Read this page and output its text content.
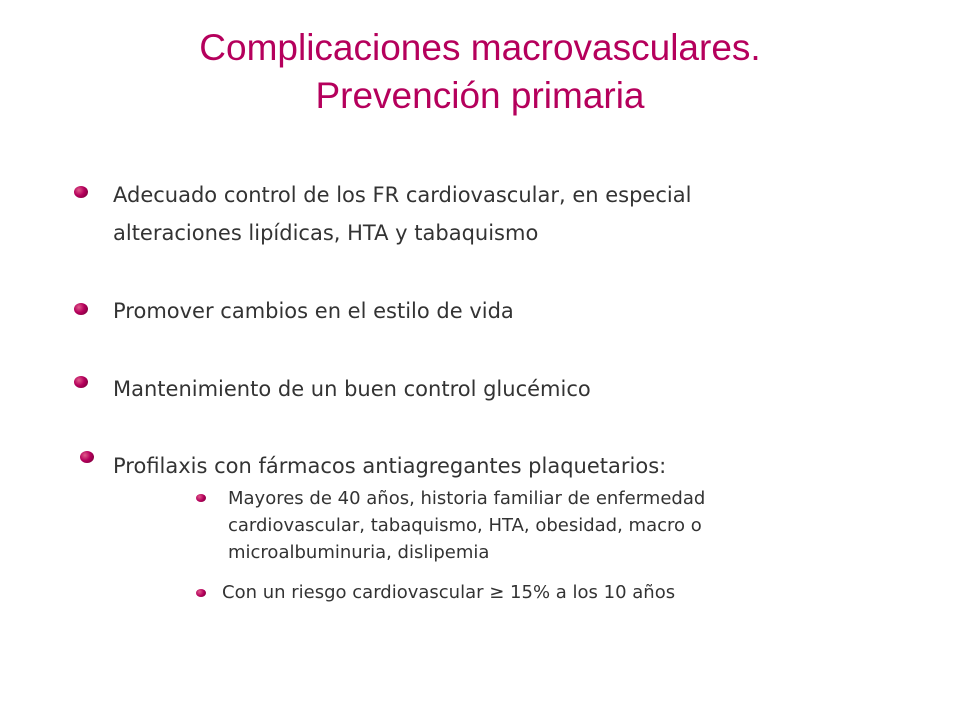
Complicaciones macrovasculares.
Prevención primaria
Adecuado control de los FR cardiovascular, en especial
alteraciones lipídicas, HTA y tabaquismo
Promover cambios en el estilo de vida
Mantenimiento de un buen control glucémico
Profilaxis con fármacos antiagregantes plaquetarios:
Mayores de 40 años, historia familiar de enfermedad
cardiovascular, tabaquismo, HTA, obesidad, macro o
microalbuminuria, dislipemia
Con un riesgo cardiovascular ≥ 15% a los 10 años
